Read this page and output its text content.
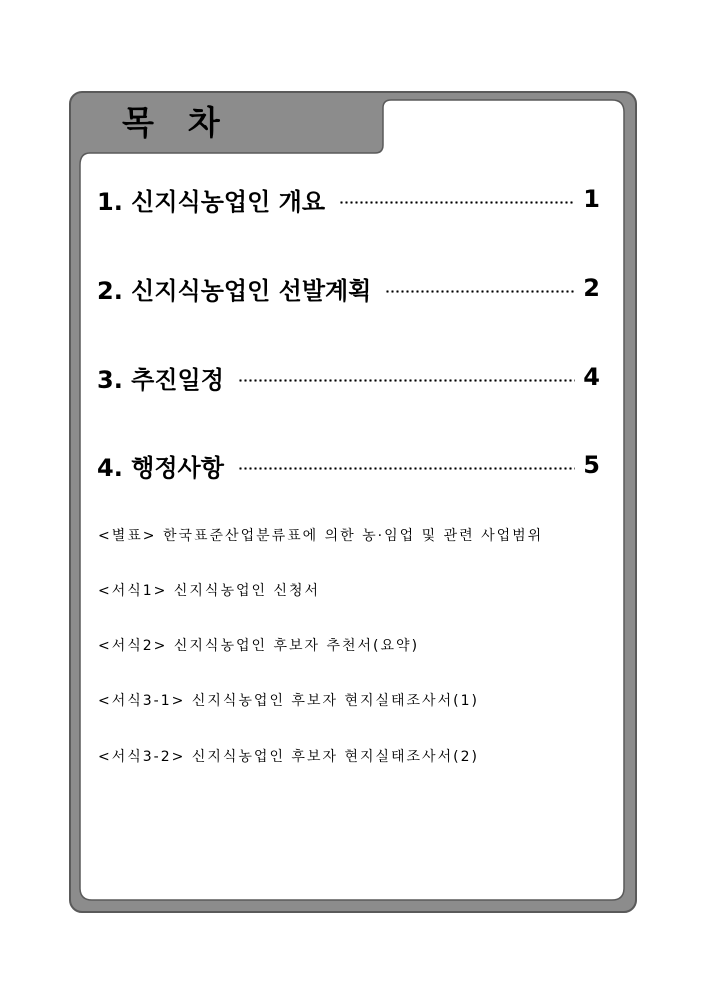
목차
1. 신지식농업인 개요	1
2. 신지식농업인 선발계획	2
3. 추진일정	4
4. 행정사항	5
<별표> 한국표준산업분류표에 의한 농·임업 및 관련 사업범위
<서식1> 신지식농업인 신청서
<서식2> 신지식농업인 후보자 추천서(요약)
<서식3-1> 신지식농업인 후보자 현지실태조사서(1)
<서식3-2> 신지식농업인 후보자 현지실태조사서(2)
